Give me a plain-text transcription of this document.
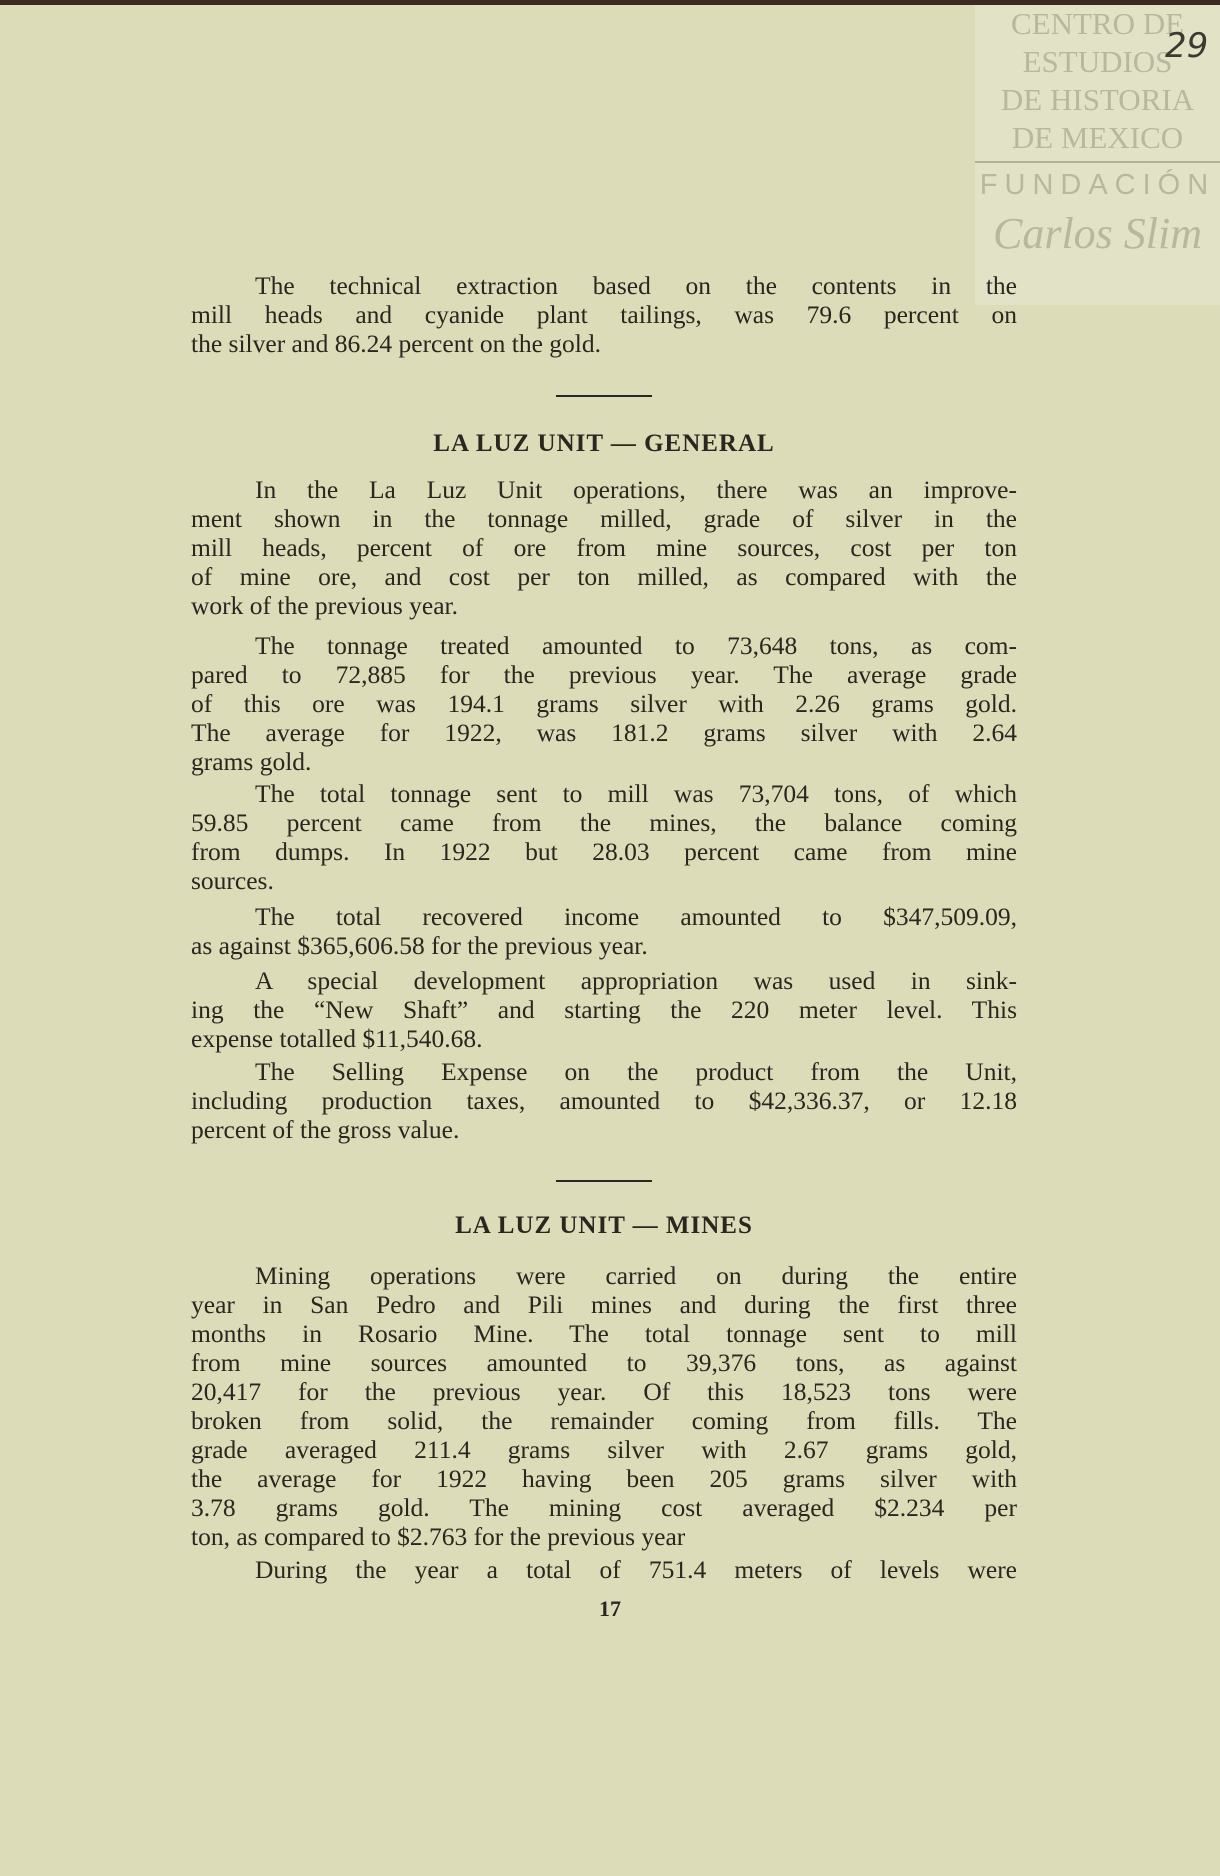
CENTRO DE
ESTUDIOS
DE HISTORIA
DE MEXICO
FUNDACIÓN
Carlos Slim
29
The technical extraction based on the contents in the
mill heads and cyanide plant tailings, was 79.6 percent on
the silver and 86.24 percent on the gold.
LA LUZ UNIT — GENERAL
In the La Luz Unit operations, there was an improve-
ment shown in the tonnage milled, grade of silver in the
mill heads, percent of ore from mine sources, cost per ton
of mine ore, and cost per ton milled, as compared with the
work of the previous year.
The tonnage treated amounted to 73,648 tons, as com-
pared to 72,885 for the previous year. The average grade
of this ore was 194.1 grams silver with 2.26 grams gold.
The average for 1922, was 181.2 grams silver with 2.64
grams gold.
The total tonnage sent to mill was 73,704 tons, of which
59.85 percent came from the mines, the balance coming
from dumps. In 1922 but 28.03 percent came from mine
sources.
The total recovered income amounted to $347,509.09,
as against $365,606.58 for the previous year.
A special development appropriation was used in sink-
ing the “New Shaft” and starting the 220 meter level. This
expense totalled $11,540.68.
The Selling Expense on the product from the Unit,
including production taxes, amounted to $42,336.37, or 12.18
percent of the gross value.
LA LUZ UNIT — MINES
Mining operations were carried on during the entire
year in San Pedro and Pili mines and during the first three
months in Rosario Mine. The total tonnage sent to mill
from mine sources amounted to 39,376 tons, as against
20,417 for the previous year. Of this 18,523 tons were
broken from solid, the remainder coming from fills. The
grade averaged 211.4 grams silver with 2.67 grams gold,
the average for 1922 having been 205 grams silver with
3.78 grams gold. The mining cost averaged $2.234 per
ton, as compared to $2.763 for the previous year
During the year a total of 751.4 meters of levels were
17
